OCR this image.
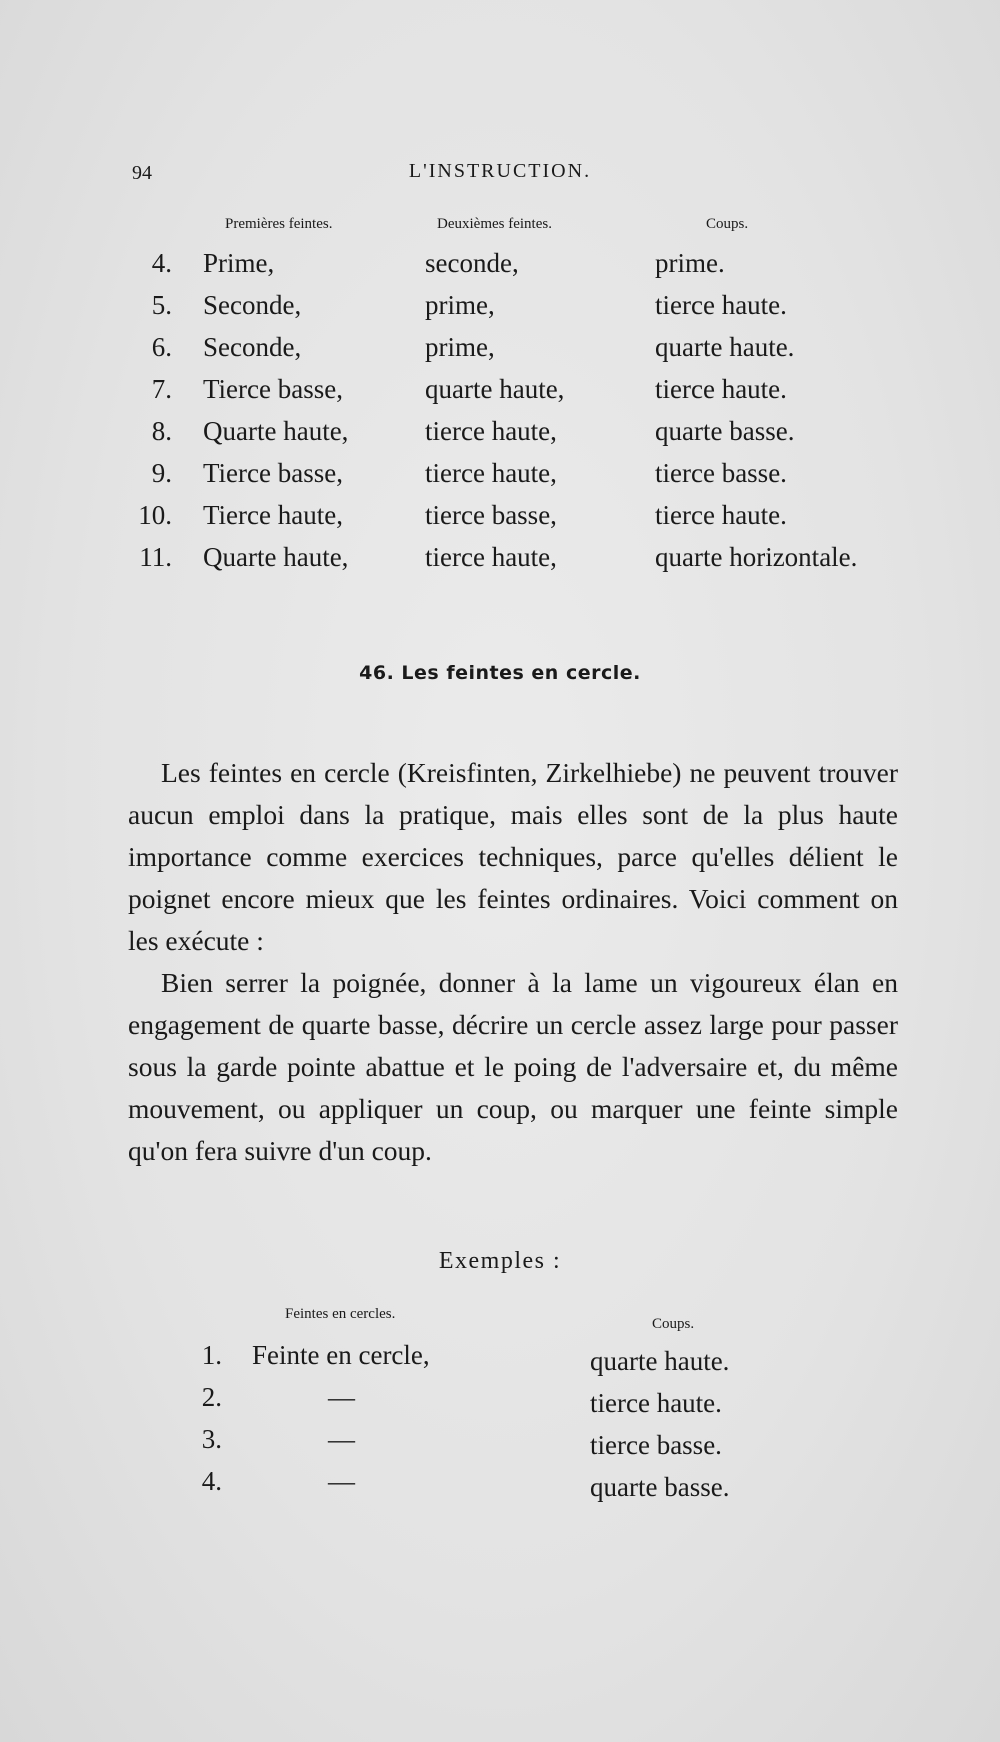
94	L'INSTRUCTION.
Premières feintes.	Deuxièmes feintes.	Coups.
4. Prime,	seconde,	prime.
5. Seconde,	prime,	tierce haute.
6. Seconde,	prime,	quarte haute.
7. Tierce basse,	quarte haute,	tierce haute.
8. Quarte haute,	tierce haute,	quarte basse.
9. Tierce basse,	tierce haute,	tierce basse.
10. Tierce haute,	tierce basse,	tierce haute.
11. Quarte haute,	tierce haute,	quarte horizontale.
46. Les feintes en cercle.
Les feintes en cercle (Kreisfinten, Zirkelhiebe) ne peuvent trouver aucun emploi dans la pratique, mais elles sont de la plus haute importance comme exercices techniques, parce qu'elles délient le poignet encore mieux que les feintes ordinaires. Voici comment on les exécute :
Bien serrer la poignée, donner à la lame un vigoureux élan en engagement de quarte basse, décrire un cercle assez large pour passer sous la garde pointe abattue et le poing de l'adversaire et, du même mouvement, ou appliquer un coup, ou marquer une feinte simple qu'on fera suivre d'un coup.
Exemples :
Feintes en cercles.
Coups.
1. Feinte en cercle,	quarte haute.
2.	—	tierce haute.
3.	—	tierce basse.
4.	—	quarte basse.
